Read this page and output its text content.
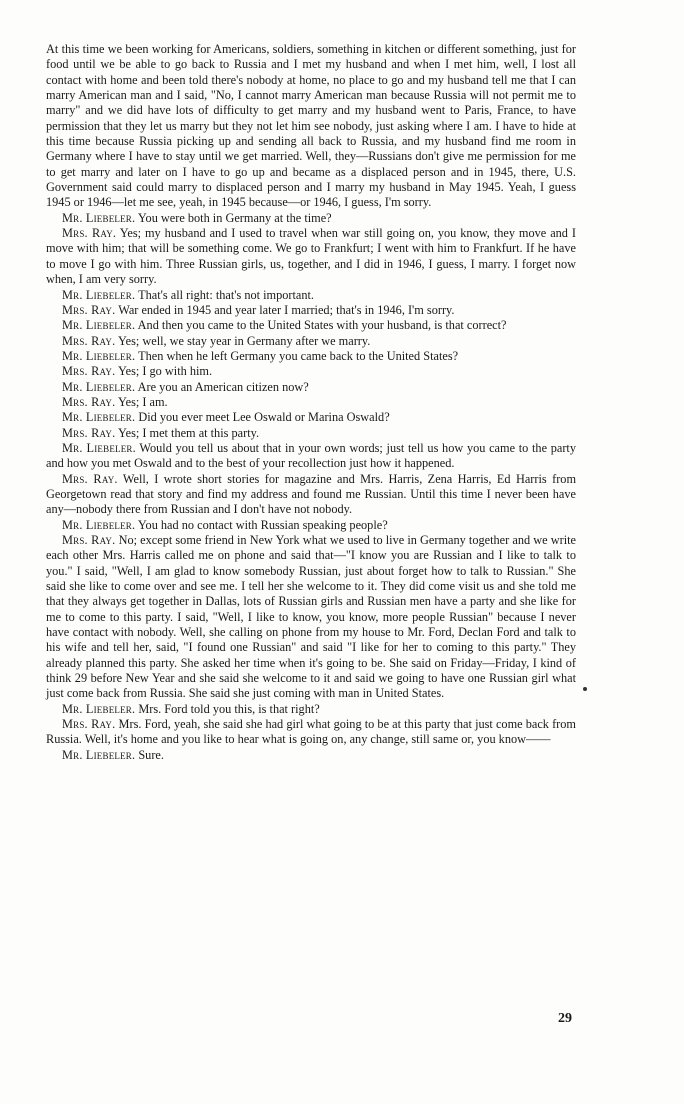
At this time we been working for Americans, soldiers, something in kitchen or different something, just for food until we be able to go back to Russia and I met my husband and when I met him, well, I lost all contact with home and been told there's nobody at home, no place to go and my husband tell me that I can marry American man and I said, "No, I cannot marry American man because Russia will not permit me to marry" and we did have lots of difficulty to get marry and my husband went to Paris, France, to have permission that they let us marry but they not let him see nobody, just asking where I am. I have to hide at this time because Russia picking up and sending all back to Russia, and my husband find me room in Germany where I have to stay until we get married. Well, they—Russians don't give me permission for me to get marry and later on I have to go up and became as a displaced person and in 1945, there, U.S. Government said could marry to displaced person and I marry my husband in May 1945. Yeah, I guess 1945 or 1946—let me see, yeah, in 1945 because—or 1946, I guess, I'm sorry.

Mr. Liebeler. You were both in Germany at the time?

Mrs. Ray. Yes; my husband and I used to travel when war still going on, you know, they move and I move with him; that will be something come. We go to Frankfurt; I went with him to Frankfurt. If he have to move I go with him. Three Russian girls, us, together, and I did in 1946, I guess, I marry. I forget now when, I am very sorry.

Mr. Liebeler. That's all right: that's not important.

Mrs. Ray. War ended in 1945 and year later I married; that's in 1946, I'm sorry.

Mr. Liebeler. And then you came to the United States with your husband, is that correct?

Mrs. Ray. Yes; well, we stay year in Germany after we marry.

Mr. Liebeler. Then when he left Germany you came back to the United States?

Mrs. Ray. Yes; I go with him.

Mr. Liebeler. Are you an American citizen now?

Mrs. Ray. Yes; I am.

Mr. Liebeler. Did you ever meet Lee Oswald or Marina Oswald?

Mrs. Ray. Yes; I met them at this party.

Mr. Liebeler. Would you tell us about that in your own words; just tell us how you came to the party and how you met Oswald and to the best of your recollection just how it happened.

Mrs. Ray. Well, I wrote short stories for magazine and Mrs. Harris, Zena Harris, Ed Harris from Georgetown read that story and find my address and found me Russian. Until this time I never been have any—nobody there from Russian and I don't have not nobody.

Mr. Liebeler. You had no contact with Russian speaking people?

Mrs. Ray. No; except some friend in New York what we used to live in Germany together and we write each other Mrs. Harris called me on phone and said that—"I know you are Russian and I like to talk to you." I said, "Well, I am glad to know somebody Russian, just about forget how to talk to Russian." She said she like to come over and see me. I tell her she welcome to it. They did come visit us and she told me that they always get together in Dallas, lots of Russian girls and Russian men have a party and she like for me to come to this party. I said, "Well, I like to know, you know, more people Russian" because I never have contact with nobody. Well, she calling on phone from my house to Mr. Ford, Declan Ford and talk to his wife and tell her, said, "I found one Russian" and said "I like for her to coming to this party." They already planned this party. She asked her time when it's going to be. She said on Friday—Friday, I kind of think 29 before New Year and she said she welcome to it and said we going to have one Russian girl what just come back from Russia. She said she just coming with man in United States.

Mr. Liebeler. Mrs. Ford told you this, is that right?

Mrs. Ray. Mrs. Ford, yeah, she said she had girl what going to be at this party that just come back from Russia. Well, it's home and you like to hear what is going on, any change, still same or, you know——

Mr. Liebeler. Sure.

29
